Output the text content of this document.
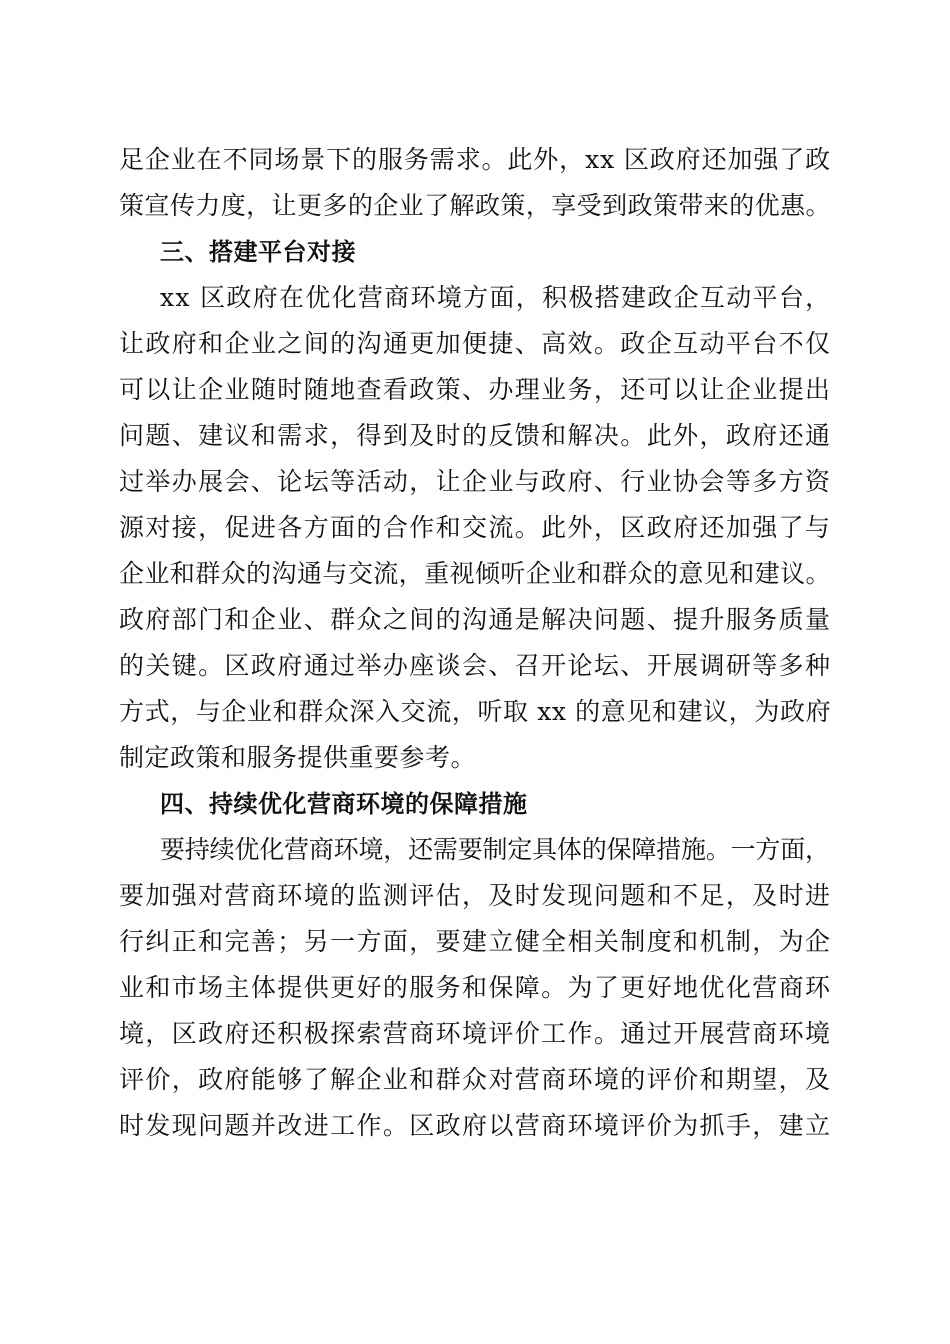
足企业在不同场景下的服务需求。此外，xx 区政府还加强了政
策宣传力度，让更多的企业了解政策，享受到政策带来的优惠。
三、搭建平台对接
xx 区政府在优化营商环境方面，积极搭建政企互动平台，
让政府和企业之间的沟通更加便捷、高效。政企互动平台不仅
可以让企业随时随地查看政策、办理业务，还可以让企业提出
问题、建议和需求，得到及时的反馈和解决。此外，政府还通
过举办展会、论坛等活动，让企业与政府、行业协会等多方资
源对接，促进各方面的合作和交流。此外，区政府还加强了与
企业和群众的沟通与交流，重视倾听企业和群众的意见和建议。
政府部门和企业、群众之间的沟通是解决问题、提升服务质量
的关键。区政府通过举办座谈会、召开论坛、开展调研等多种
方式，与企业和群众深入交流，听取 xx 的意见和建议，为政府
制定政策和服务提供重要参考。
四、持续优化营商环境的保障措施
要持续优化营商环境，还需要制定具体的保障措施。一方面，
要加强对营商环境的监测评估，及时发现问题和不足，及时进
行纠正和完善；另一方面，要建立健全相关制度和机制，为企
业和市场主体提供更好的服务和保障。为了更好地优化营商环
境，区政府还积极探索营商环境评价工作。通过开展营商环境
评价，政府能够了解企业和群众对营商环境的评价和期望，及
时发现问题并改进工作。区政府以营商环境评价为抓手，建立
